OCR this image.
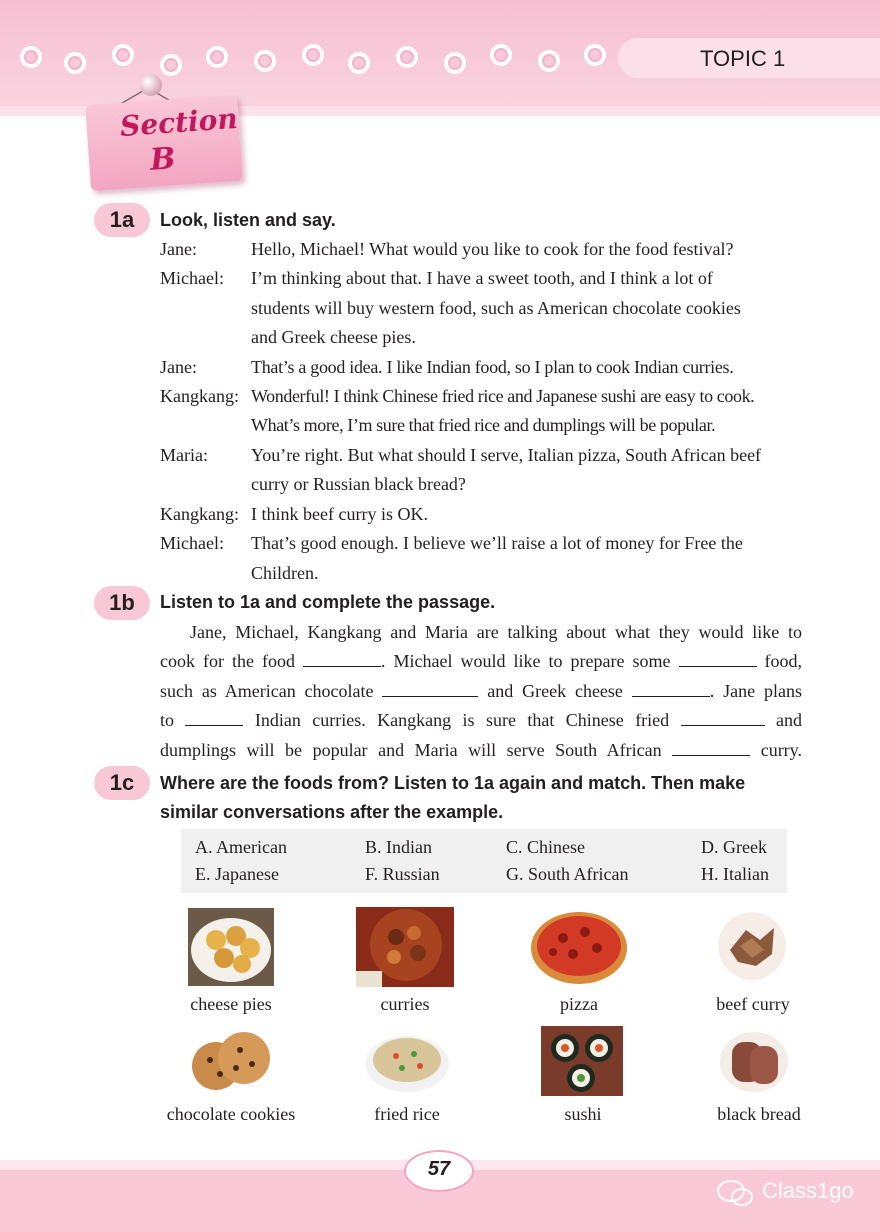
TOPIC 1
Section
B
1a	Look, listen and say.
Jane:	Hello, Michael! What would you like to cook for the food festival?
Michael: I’m thinking about that. I have a sweet tooth, and I think a lot of
students will buy western food, such as American chocolate cookies
and Greek cheese pies.
Jane:	That’s a good idea. I like Indian food, so I plan to cook Indian curries.
Kangkang: Wonderful! I think Chinese fried rice and Japanese sushi are easy to cook.
What’s more, I’m sure that fried rice and dumplings will be popular.
Maria: You’re right. But what should I serve, Italian pizza, South African beef
curry or Russian black bread?
Kangkang: I think beef curry is OK.
Michael: That’s good enough. I believe we’ll raise a lot of money for Free the
Children.
1b	Listen to 1a and complete the passage.
Jane, Michael, Kangkang and Maria are talking about what they would like to
cook for the food	. Michael would like to prepare some	food,
such as American chocolate	and Greek cheese	. Jane plans
to	Indian curries. Kangkang is sure that Chinese fried	and
dumplings will be popular and Maria will serve South African	curry.
1c	Where are the foods from? Listen to 1a again and match. Then make
similar conversations after the example.
A. American	B. Indian	C. Chinese	D. Greek
E. Japanese	F. Russian	G. South African	H. Italian
cheese pies	curries	pizza	beef curry
chocolate cookies	fried rice	sushi	black bread
57
Class1go
